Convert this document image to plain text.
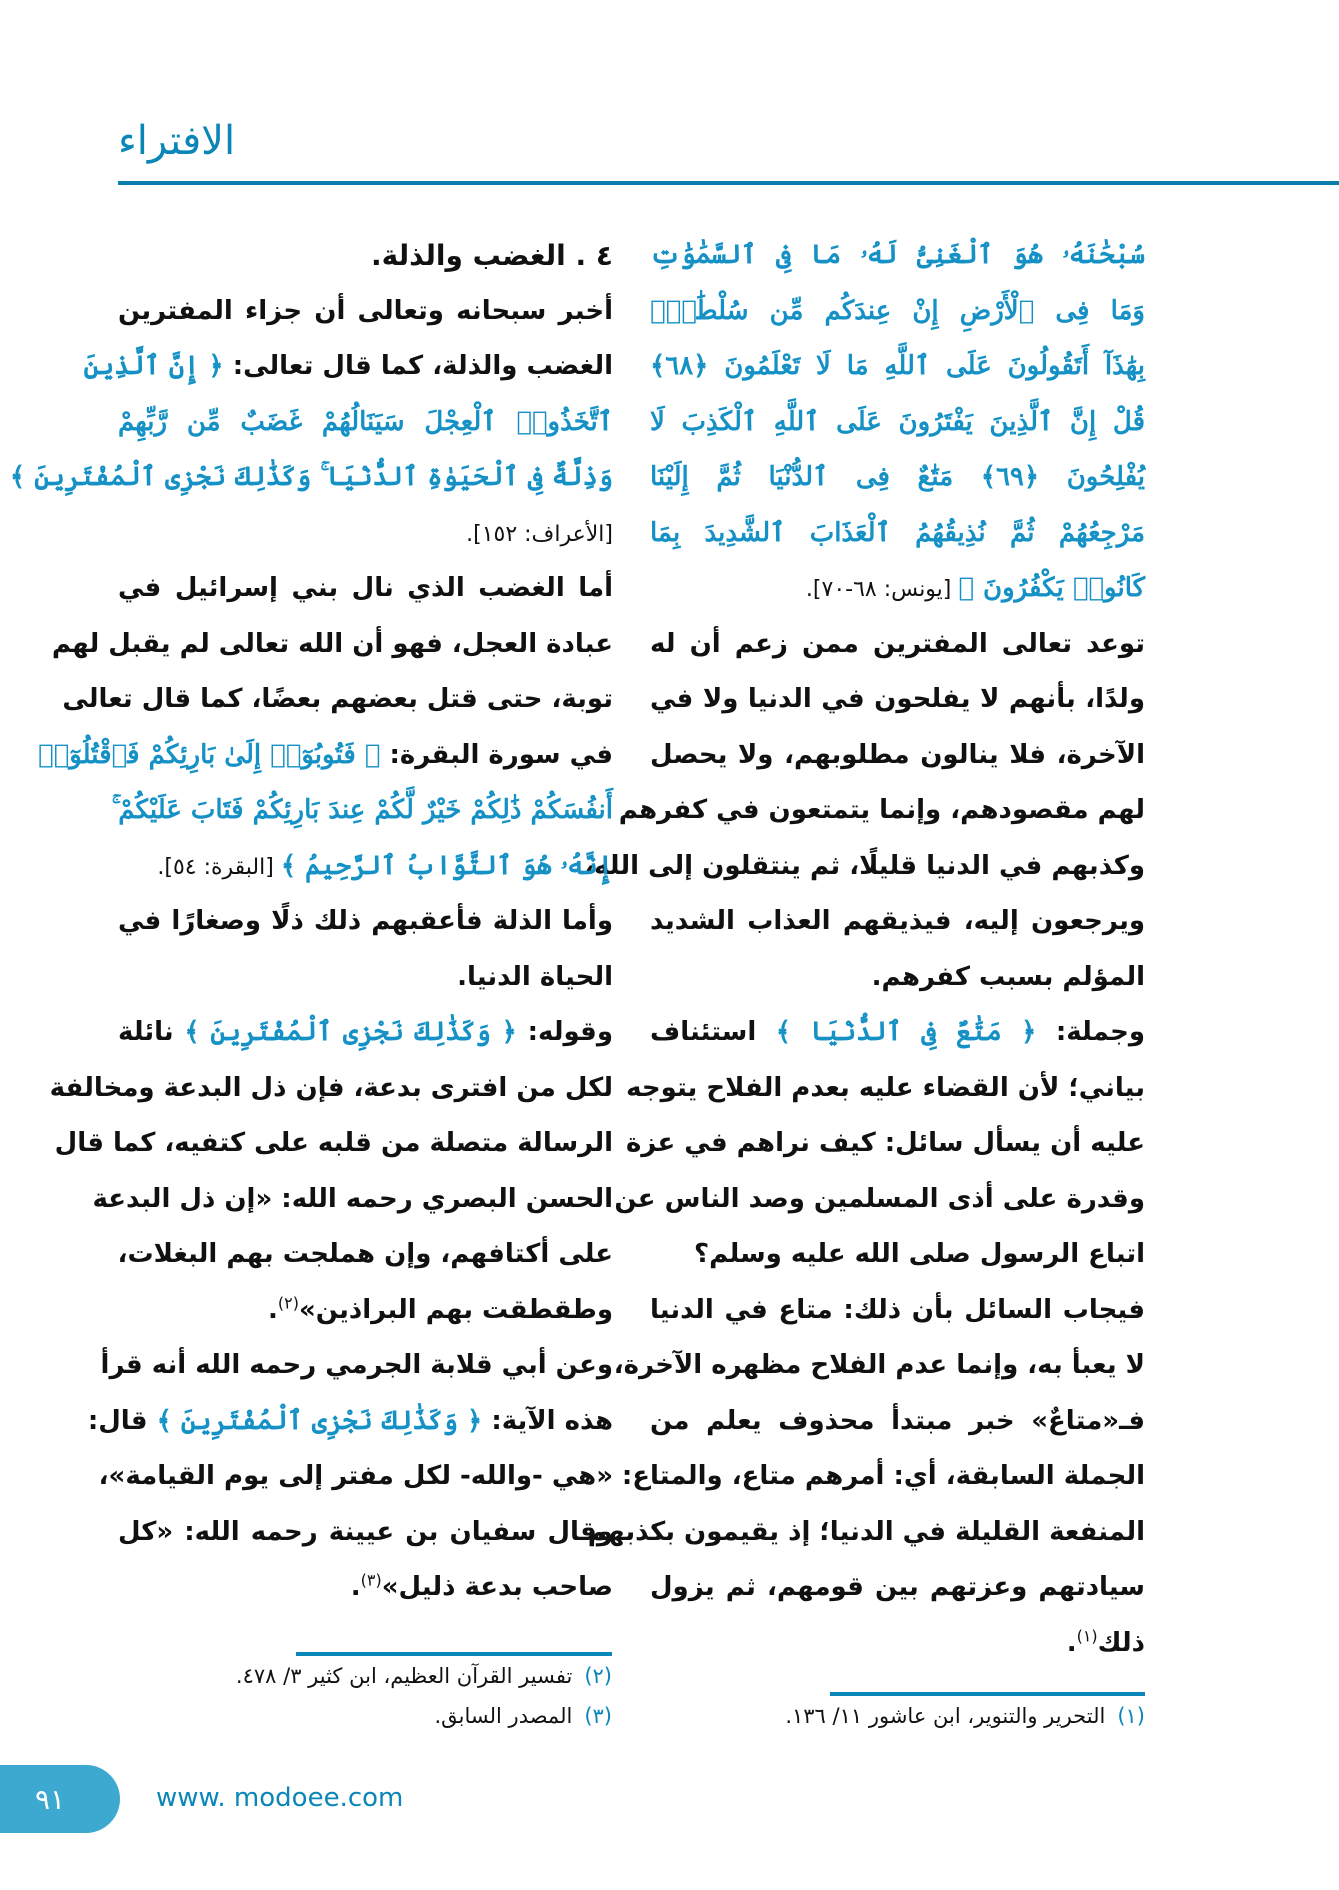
الافتراء
سُبْحَٰنَهُۥ هُوَ ٱلْغَنِىُّ لَهُۥ مَا فِى ٱلسَّمَٰوَٰتِ
وَمَا فِى ٱلْأَرْضِ إِنْ عِندَكُم مِّن سُلْطَٰنٍۭ
بِهَٰذَآ أَتَقُولُونَ عَلَى ٱللَّهِ مَا لَا تَعْلَمُونَ ﴿٦٨﴾
قُلْ إِنَّ ٱلَّذِينَ يَفْتَرُونَ عَلَى ٱللَّهِ ٱلْكَذِبَ لَا
يُفْلِحُونَ ﴿٦٩﴾ مَتَٰعٌ فِى ٱلدُّنْيَا ثُمَّ إِلَيْنَا
مَرْجِعُهُمْ ثُمَّ نُذِيقُهُمُ ٱلْعَذَابَ ٱلشَّدِيدَ بِمَا
كَانُوا۟ يَكْفُرُونَ ﴾ [يونس: ٦٨-٧٠].
توعد تعالى المفترين ممن زعم أن له
ولدًا، بأنهم لا يفلحون في الدنيا ولا في
الآخرة، فلا ينالون مطلوبهم، ولا يحصل
لهم مقصودهم، وإنما يتمتعون في كفرهم
وكذبهم في الدنيا قليلًا، ثم ينتقلون إلى الله،
ويرجعون إليه، فيذيقهم العذاب الشديد
المؤلم بسبب كفرهم.
وجملة: ﴿ مَتَٰعٌ فِى ٱلدُّنْيَا ﴾ استئناف
بياني؛ لأن القضاء عليه بعدم الفلاح يتوجه
عليه أن يسأل سائل: كيف نراهم في عزة
وقدرة على أذى المسلمين وصد الناس عن
اتباع الرسول صلى الله عليه وسلم؟
فيجاب السائل بأن ذلك: متاع في الدنيا
لا يعبأ به، وإنما عدم الفلاح مظهره الآخرة،
فـ«متاعٌ» خبر مبتدأ محذوف يعلم من
الجملة السابقة، أي: أمرهم متاع، والمتاع:
المنفعة القليلة في الدنيا؛ إذ يقيمون بكذبهم
سيادتهم وعزتهم بين قومهم، ثم يزول
ذلك$^{(١)}$.
٤ . الغضب والذلة.
أخبر سبحانه وتعالى أن جزاء المفترين
الغضب والذلة، كما قال تعالى: ﴿ إِنَّ ٱلَّذِينَ
ٱتَّخَذُوا۟ ٱلْعِجْلَ سَيَنَالُهُمْ غَضَبٌ مِّن رَّبِّهِمْ
وَذِلَّةٌ فِى ٱلْحَيَوٰةِ ٱلدُّنْيَا ۚ وَكَذَٰلِكَ نَجْزِى ٱلْمُفْتَرِينَ ﴾
[الأعراف: ١٥٢].
أما الغضب الذي نال بني إسرائيل في
عبادة العجل، فهو أن الله تعالى لم يقبل لهم
توبة، حتى قتل بعضهم بعضًا، كما قال تعالى
في سورة البقرة: ﴿ فَتُوبُوٓا۟ إِلَىٰ بَارِئِكُمْ فَٱقْتُلُوٓا۟
أَنفُسَكُمْ ذَٰلِكُمْ خَيْرٌ لَّكُمْ عِندَ بَارِئِكُمْ فَتَابَ عَلَيْكُمْ ۚ
إِنَّهُۥ هُوَ ٱلتَّوَّابُ ٱلرَّحِيمُ ﴾ [البقرة: ٥٤].
وأما الذلة فأعقبهم ذلك ذلًا وصغارًا في
الحياة الدنيا.
وقوله: ﴿ وَكَذَٰلِكَ نَجْزِى ٱلْمُفْتَرِينَ ﴾ نائلة
لكل من افترى بدعة، فإن ذل البدعة ومخالفة
الرسالة متصلة من قلبه على كتفيه، كما قال
الحسن البصري رحمه الله: «إن ذل البدعة
على أكتافهم، وإن هملجت بهم البغلات،
وطقطقت بهم البراذين»$^{(٢)}$.
وعن أبي قلابة الجرمي رحمه الله أنه قرأ
هذه الآية: ﴿ وَكَذَٰلِكَ نَجْزِى ٱلْمُفْتَرِينَ ﴾ قال:
«هي -والله- لكل مفتر إلى يوم القيامة»،
وقال سفيان بن عيينة رحمه الله: «كل
صاحب بدعة ذليل»$^{(٣)}$.
(٢)تفسير القرآن العظيم، ابن كثير ٣/ ٤٧٨.
(٣)المصدر السابق.	(١)التحرير والتنوير، ابن عاشور ١١/ ١٣٦.
٩١	www. modoee.com
